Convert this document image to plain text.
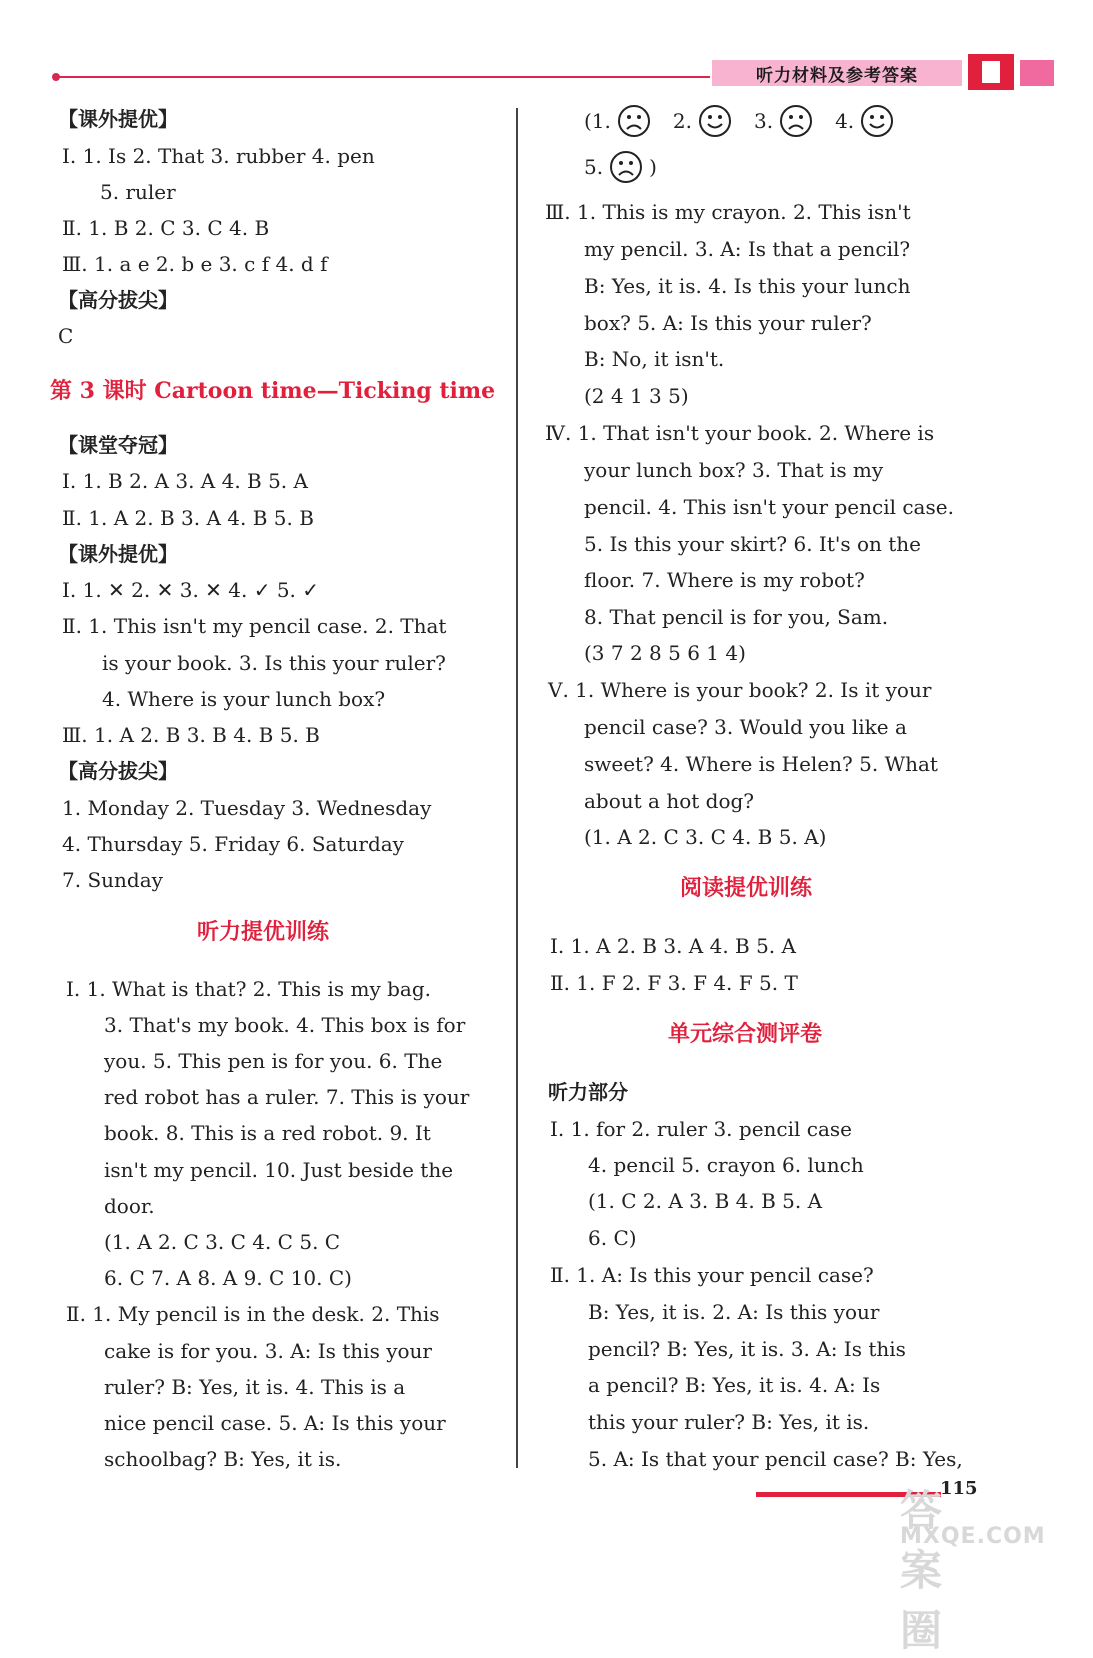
听力材料及参考答案
【课外提优】
Ⅰ. 1. Is 2. That 3. rubber 4. pen
5. ruler
Ⅱ. 1. B 2. C 3. C 4. B
Ⅲ. 1. a e 2. b e 3. c f 4. d f
【高分拔尖】
C
第 3 课时 Cartoon time—Ticking time
【课堂夺冠】
Ⅰ. 1. B 2. A 3. A 4. B 5. A
Ⅱ. 1. A 2. B 3. A 4. B 5. B
【课外提优】
Ⅰ. 1. ✕ 2. ✕ 3. ✕ 4. ✓ 5. ✓
Ⅱ. 1. This isn't my pencil case. 2. That
is your book. 3. Is this your ruler?
4. Where is your lunch box?
Ⅲ. 1. A 2. B 3. B 4. B 5. B
【高分拔尖】
1. Monday 2. Tuesday 3. Wednesday
4. Thursday 5. Friday 6. Saturday
7. Sunday
听力提优训练
Ⅰ. 1. What is that? 2. This is my bag.
3. That's my book. 4. This box is for
you. 5. This pen is for you. 6. The
red robot has a ruler. 7. This is your
book. 8. This is a red robot. 9. It
isn't my pencil. 10. Just beside the
door.
(1. A 2. C 3. C 4. C 5. C
6. C 7. A 8. A 9. C 10. C)
Ⅱ. 1. My pencil is in the desk. 2. This
cake is for you. 3. A: Is this your
ruler? B: Yes, it is. 4. This is a
nice pencil case. 5. A: Is this your
schoolbag? B: Yes, it is.
Ⅲ. 1. This is my crayon. 2. This isn't
my pencil. 3. A: Is that a pencil?
B: Yes, it is. 4. Is this your lunch
box? 5. A: Is this your ruler?
B: No, it isn't.
(2 4 1 3 5)
Ⅳ. 1. That isn't your book. 2. Where is
your lunch box? 3. That is my
pencil. 4. This isn't your pencil case.
5. Is this your skirt? 6. It's on the
floor. 7. Where is my robot?
8. That pencil is for you, Sam.
(3 7 2 8 5 6 1 4)
Ⅴ. 1. Where is your book? 2. Is it your
pencil case? 3. Would you like a
sweet? 4. Where is Helen? 5. What
about a hot dog?
(1. A 2. C 3. C 4. B 5. A)
阅读提优训练
Ⅰ. 1. A 2. B 3. A 4. B 5. A
Ⅱ. 1. F 2. F 3. F 4. F 5. T
单元综合测评卷
听力部分
Ⅰ. 1. for 2. ruler 3. pencil case
4. pencil 5. crayon 6. lunch
(1. C 2. A 3. B 4. B 5. A
6. C)
Ⅱ. 1. A: Is this your pencil case?
B: Yes, it is. 2. A: Is this your
pencil? B: Yes, it is. 3. A: Is this
a pencil? B: Yes, it is. 4. A: Is
this your ruler? B: Yes, it is.
5. A: Is that your pencil case? B: Yes,
(1.	2.	3.	4.
5. )
答案圈
MXQE.COM
115
